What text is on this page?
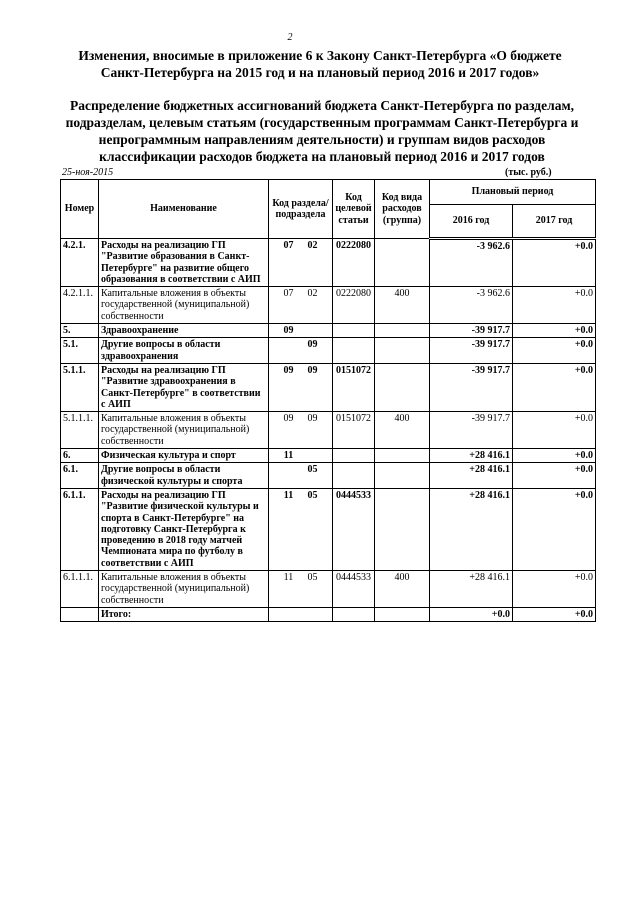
2
Изменения, вносимые в приложение 6 к Закону Санкт-Петербурга «О бюджете Санкт-Петербурга на 2015 год и на плановый период 2016 и 2017 годов»
Распределение бюджетных ассигнований бюджета Санкт-Петербурга по разделам, подразделам, целевым статьям (государственным программам Санкт-Петербурга и непрограммным направлениям деятельности) и группам видов расходов классификации расходов бюджета на плановый период 2016 и 2017 годов
25-ноя-2015	(тыс. руб.)
Номер	Наименование	Код раздела/ подраздела	Код целевой статьи	Код вида расходов (группа)	Плановый период	
					2016 год	2017 год
4.2.1.	Расходы на реализацию ГП "Развитие образования в Санкт-Петербурге" на развитие общего образования в соответствии с АИП	07 02	0222080		-3 962.6	+0.0
4.2.1.1.	Капитальные вложения в объекты государственной (муниципальной) собственности	07 02	0222080	400	-3 962.6	+0.0
5.	Здравоохранение	09			-39 917.7	+0.0
5.1.	Другие вопросы в области здравоохранения	09			-39 917.7	+0.0
5.1.1.	Расходы на реализацию ГП "Развитие здравоохранения в Санкт-Петербурге" в соответствии с АИП	09 09	0151072		-39 917.7	+0.0
5.1.1.1.	Капитальные вложения в объекты государственной (муниципальной) собственности	09 09	0151072	400	-39 917.7	+0.0
6.	Физическая культура и спорт	11			+28 416.1	+0.0
6.1.	Другие вопросы в области физической культуры и спорта	05			+28 416.1	+0.0
6.1.1.	Расходы на реализацию ГП "Развитие физической культуры и спорта в Санкт-Петербурге" на подготовку Санкт-Петербурга к проведению в 2018 году матчей Чемпионата мира по футболу в соответствии с АИП	11 05	0444533		+28 416.1	+0.0
6.1.1.1.	Капитальные вложения в объекты государственной (муниципальной) собственности	11 05	0444533	400	+28 416.1	+0.0
	Итого:				+0.0	+0.0
